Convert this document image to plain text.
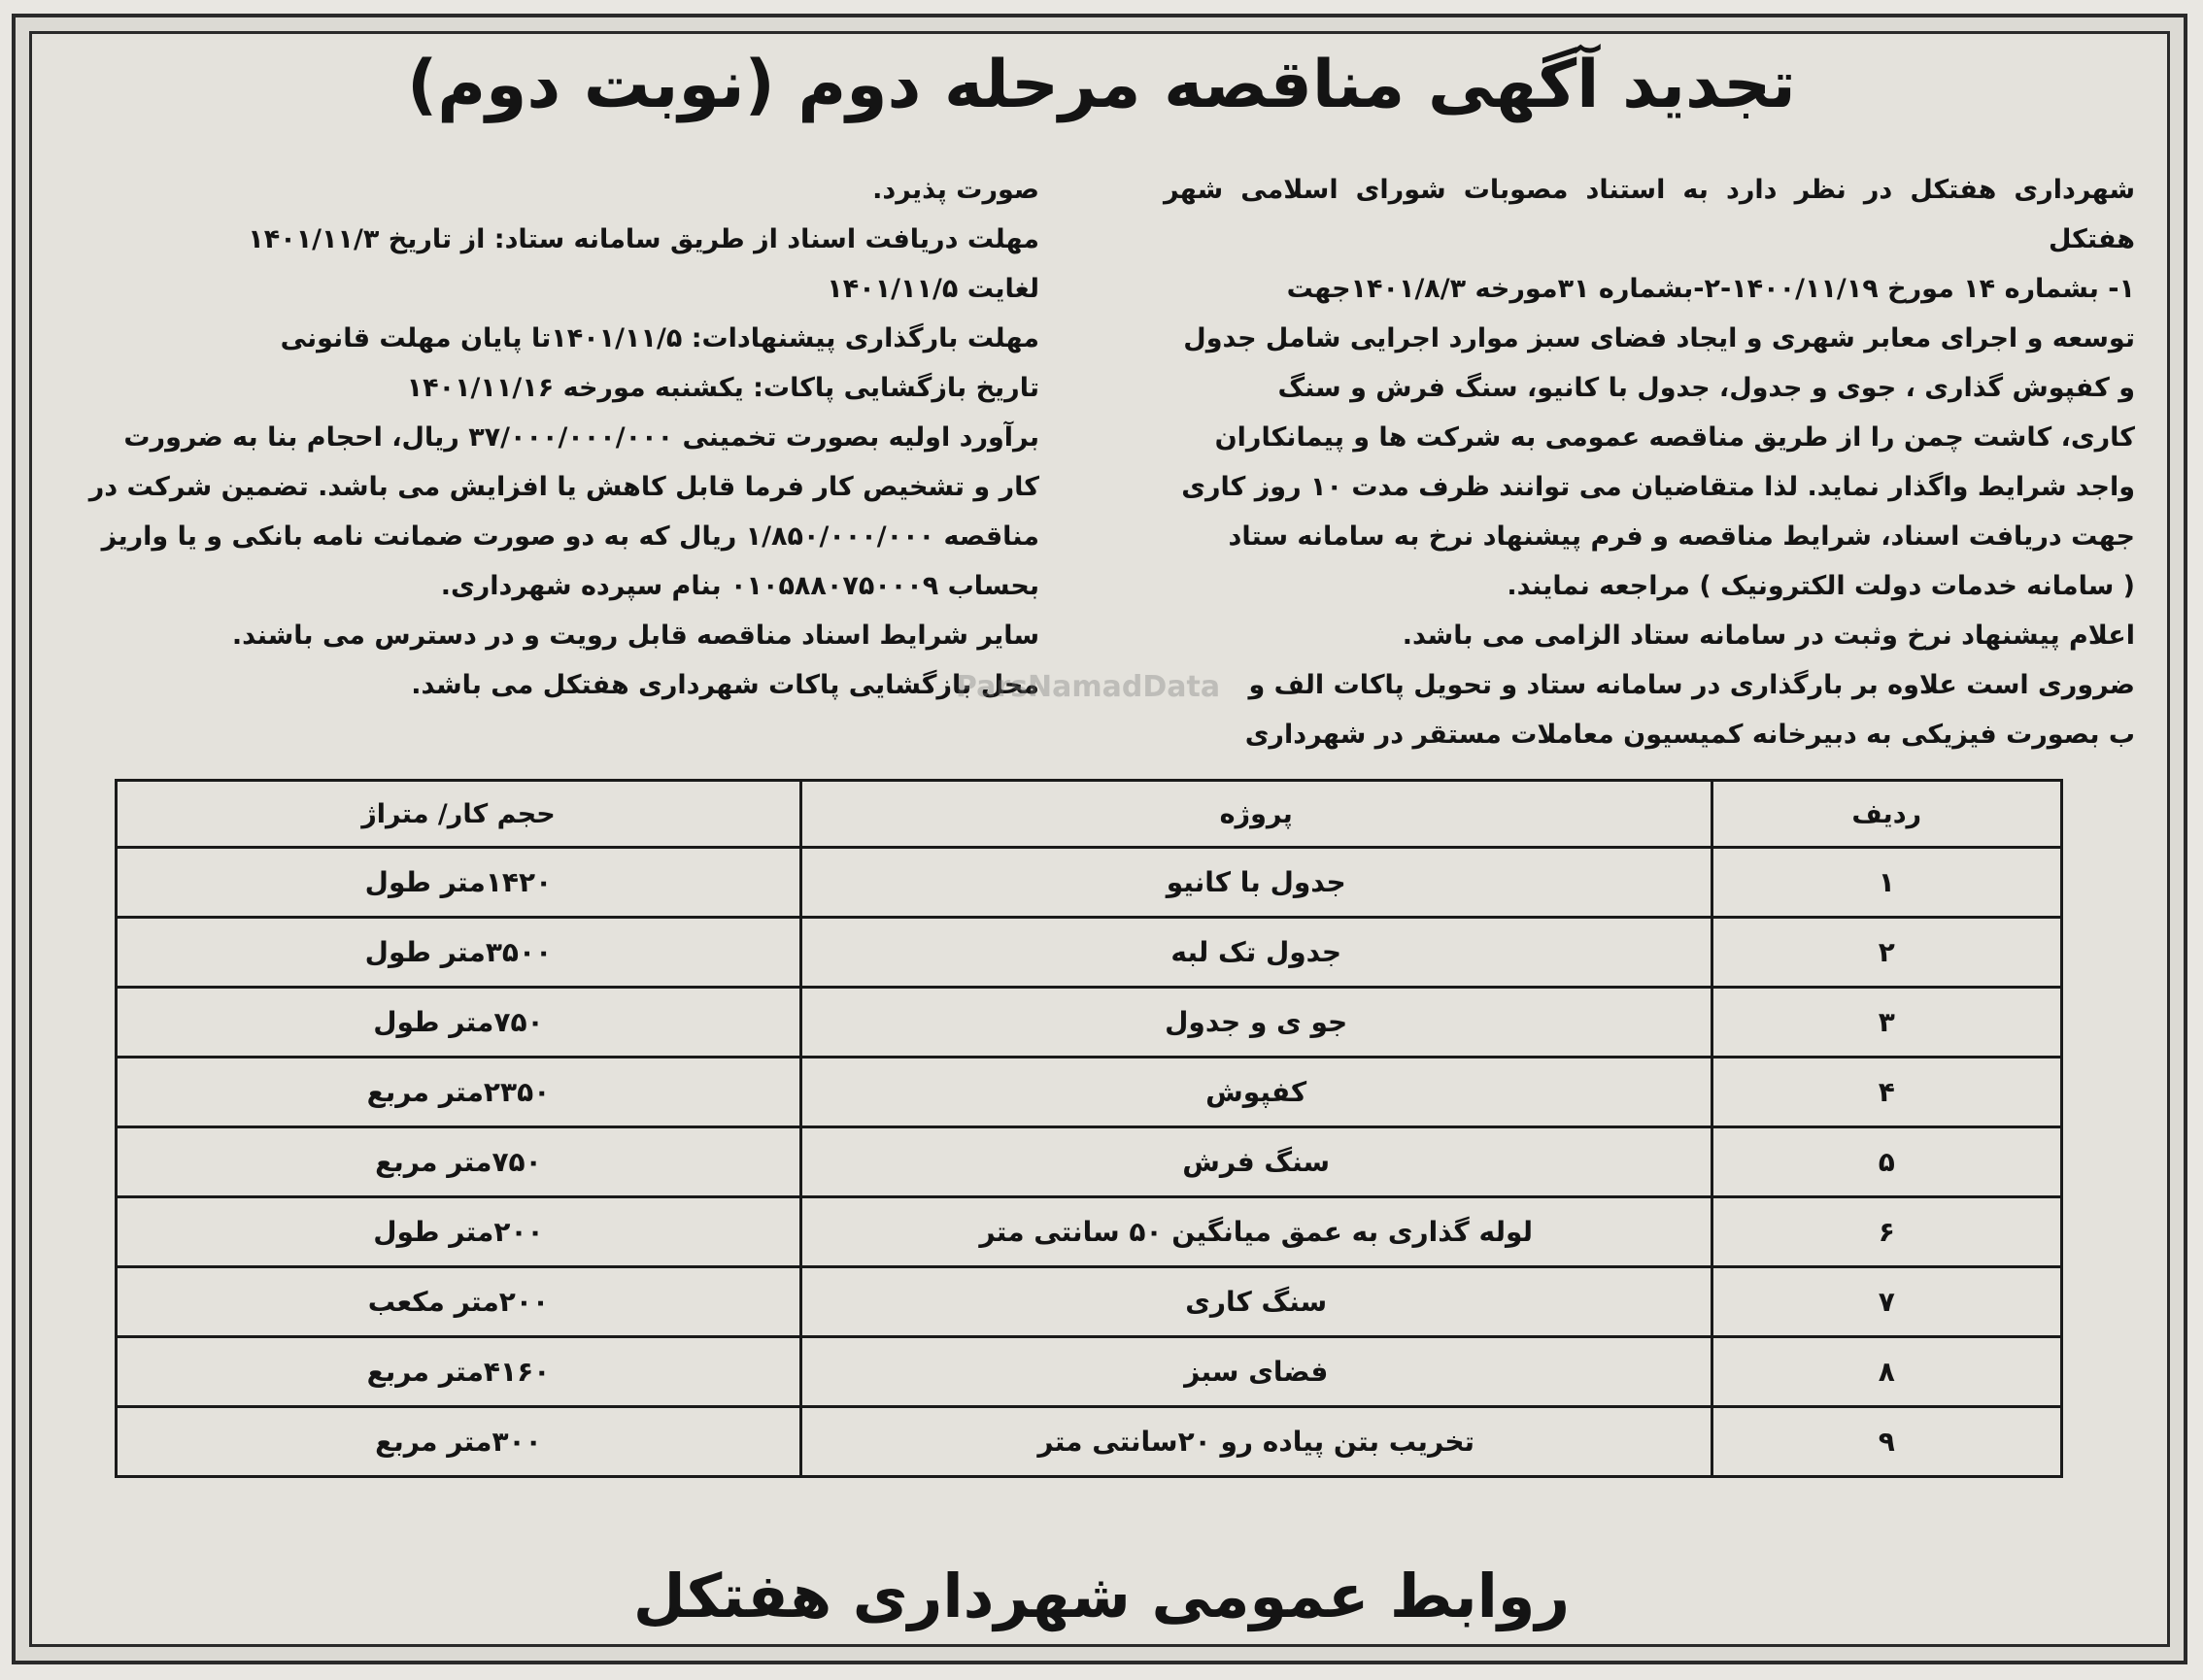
تجدید آگهی مناقصه مرحله دوم (نوبت دوم)

شهرداری هفتکل در نظر دارد به استناد مصوبات شورای اسلامی شهر هفتکل

۱- بشماره ۱۴ مورخ ۱۴۰۰/۱۱/۱۹-۲-بشماره ۳۱مورخه ۱۴۰۱/۸/۳جهت

توسعه و اجرای معابر شهری و ایجاد فضای سبز موارد اجرایی شامل جدول

و کفپوش گذاری ، جوی و جدول، جدول با کانیو، سنگ فرش و سنگ

کاری، کاشت چمن را از طریق مناقصه عمومی به شرکت ها و پیمانکاران

واجد شرایط واگذار نماید. لذا متقاضیان می توانند ظرف مدت ۱۰ روز کاری

جهت دریافت اسناد، شرایط مناقصه و فرم پیشنهاد نرخ به سامانه ستاد

( سامانه خدمات دولت الکترونیک ) مراجعه نمایند.

اعلام پیشنهاد نرخ وثبت در سامانه ستاد الزامی می باشد.

ضروری است علاوه بر بارگذاری در سامانه ستاد و تحویل پاکات الف و

ب بصورت فیزیکی به دبیرخانه کمیسیون معاملات مستقر در شهرداری

صورت پذیرد.

مهلت دریافت اسناد از طریق سامانه ستاد: از تاریخ ۱۴۰۱/۱۱/۳

لغایت ۱۴۰۱/۱۱/۵

مهلت بارگذاری پیشنهادات: ۱۴۰۱/۱۱/۵تا پایان مهلت قانونی

تاریخ بازگشایی پاکات: یکشنبه مورخه ۱۴۰۱/۱۱/۱۶

برآورد اولیه بصورت تخمینی ۳۷/۰۰۰/۰۰۰/۰۰۰ ریال، احجام بنا به ضرورت

کار و تشخیص کار فرما قابل کاهش یا افزایش می باشد. تضمین شرکت در

مناقصه ۱/۸۵۰/۰۰۰/۰۰۰ ریال که به دو صورت ضمانت نامه بانکی و یا واریز

بحساب ۰۱۰۵۸۸۰۷۵۰۰۰۹ بنام سپرده شهرداری.

سایر شرایط اسناد مناقصه قابل رویت و در دسترس می باشند.

محل بازگشایی پاکات شهرداری هفتکل می باشد.

ردیف	پروژه	حجم کار/ متراژ
۱	جدول با کانیو	۱۴۲۰متر طول
۲	جدول تک لبه	۳۵۰۰متر طول
۳	جو ی و جدول	۷۵۰متر طول
۴	کفپوش	۲۳۵۰متر مربع
۵	سنگ فرش	۷۵۰متر مربع
۶	لوله گذاری به عمق میانگین ۵۰ سانتی متر	۲۰۰متر طول
۷	سنگ کاری	۲۰۰متر مکعب
۸	فضای سبز	۴۱۶۰متر مربع
۹	تخریب بتن پیاده رو ۲۰سانتی متر	۳۰۰متر مربع
ParsNamadData
روابط عمومی شهرداری هفتکل
